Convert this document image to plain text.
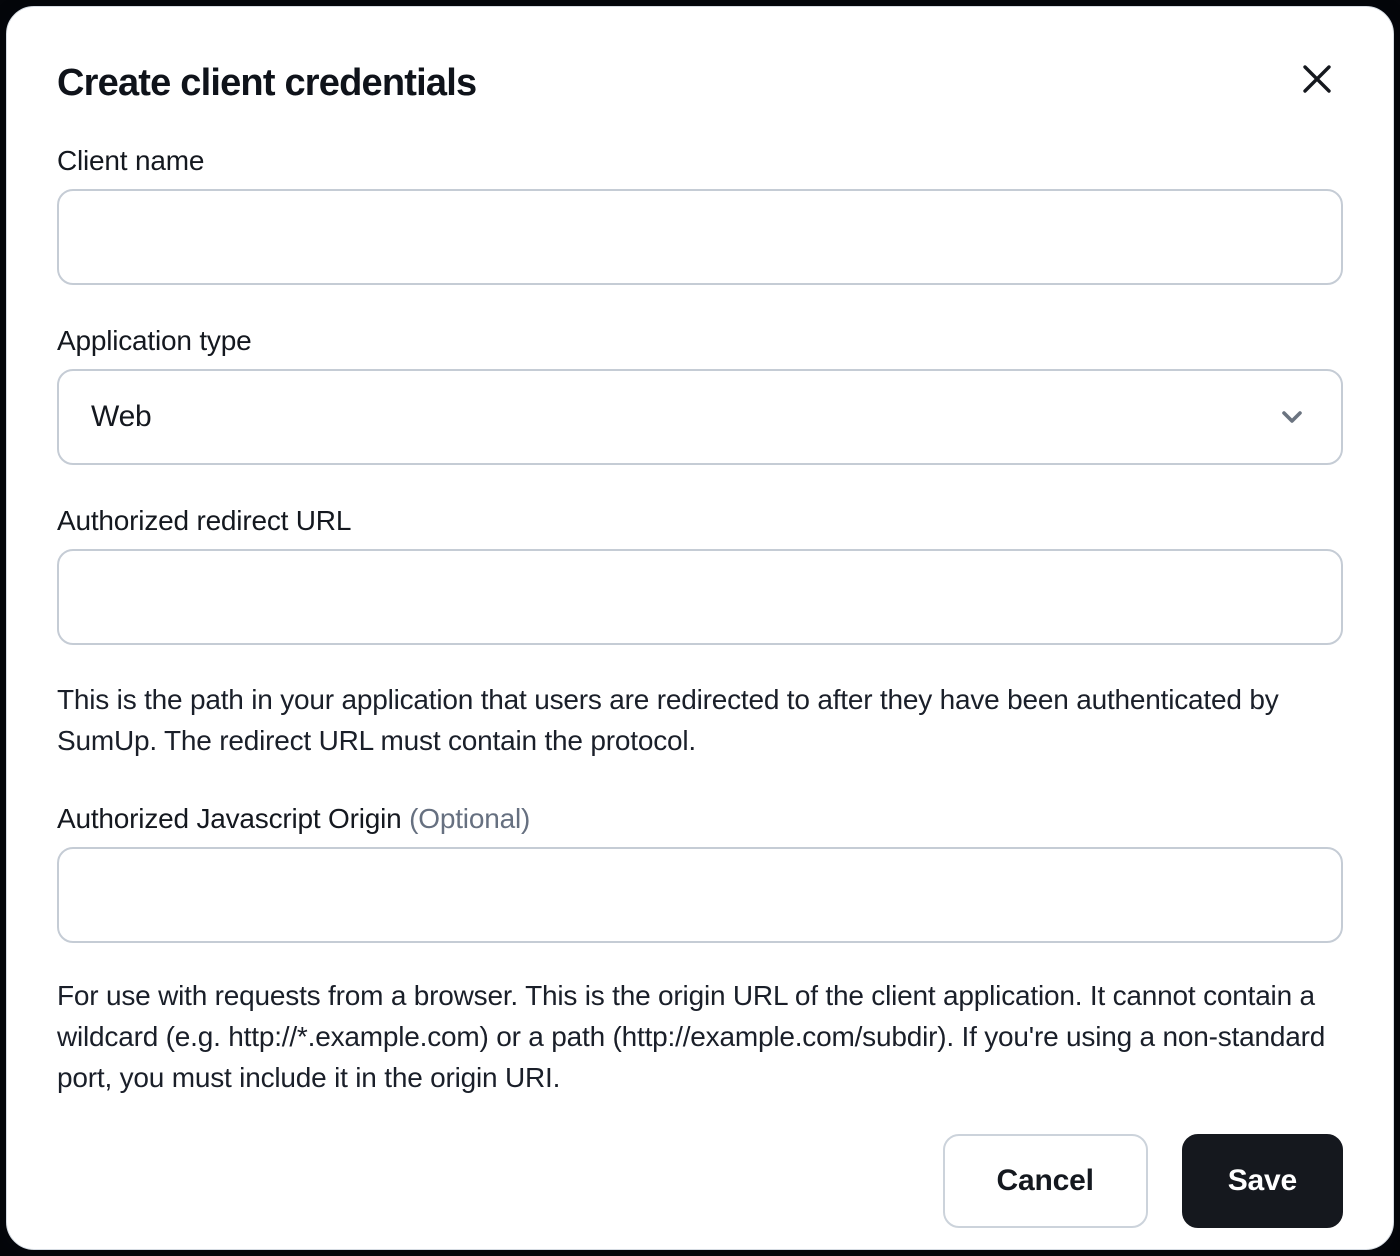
Create client credentials
Client name
Application type
Web
Authorized redirect URL

This is the path in your application that users are redirected to after they have been authenticated by SumUp. The redirect URL must contain the protocol.

Authorized Javascript Origin (Optional)

For use with requests from a browser. This is the origin URL of the client application. It cannot contain a wildcard (e.g. http://*.example.com) or a path (http://example.com/subdir). If you're using a non-standard port, you must include it in the origin URI.

Cancel	Save
